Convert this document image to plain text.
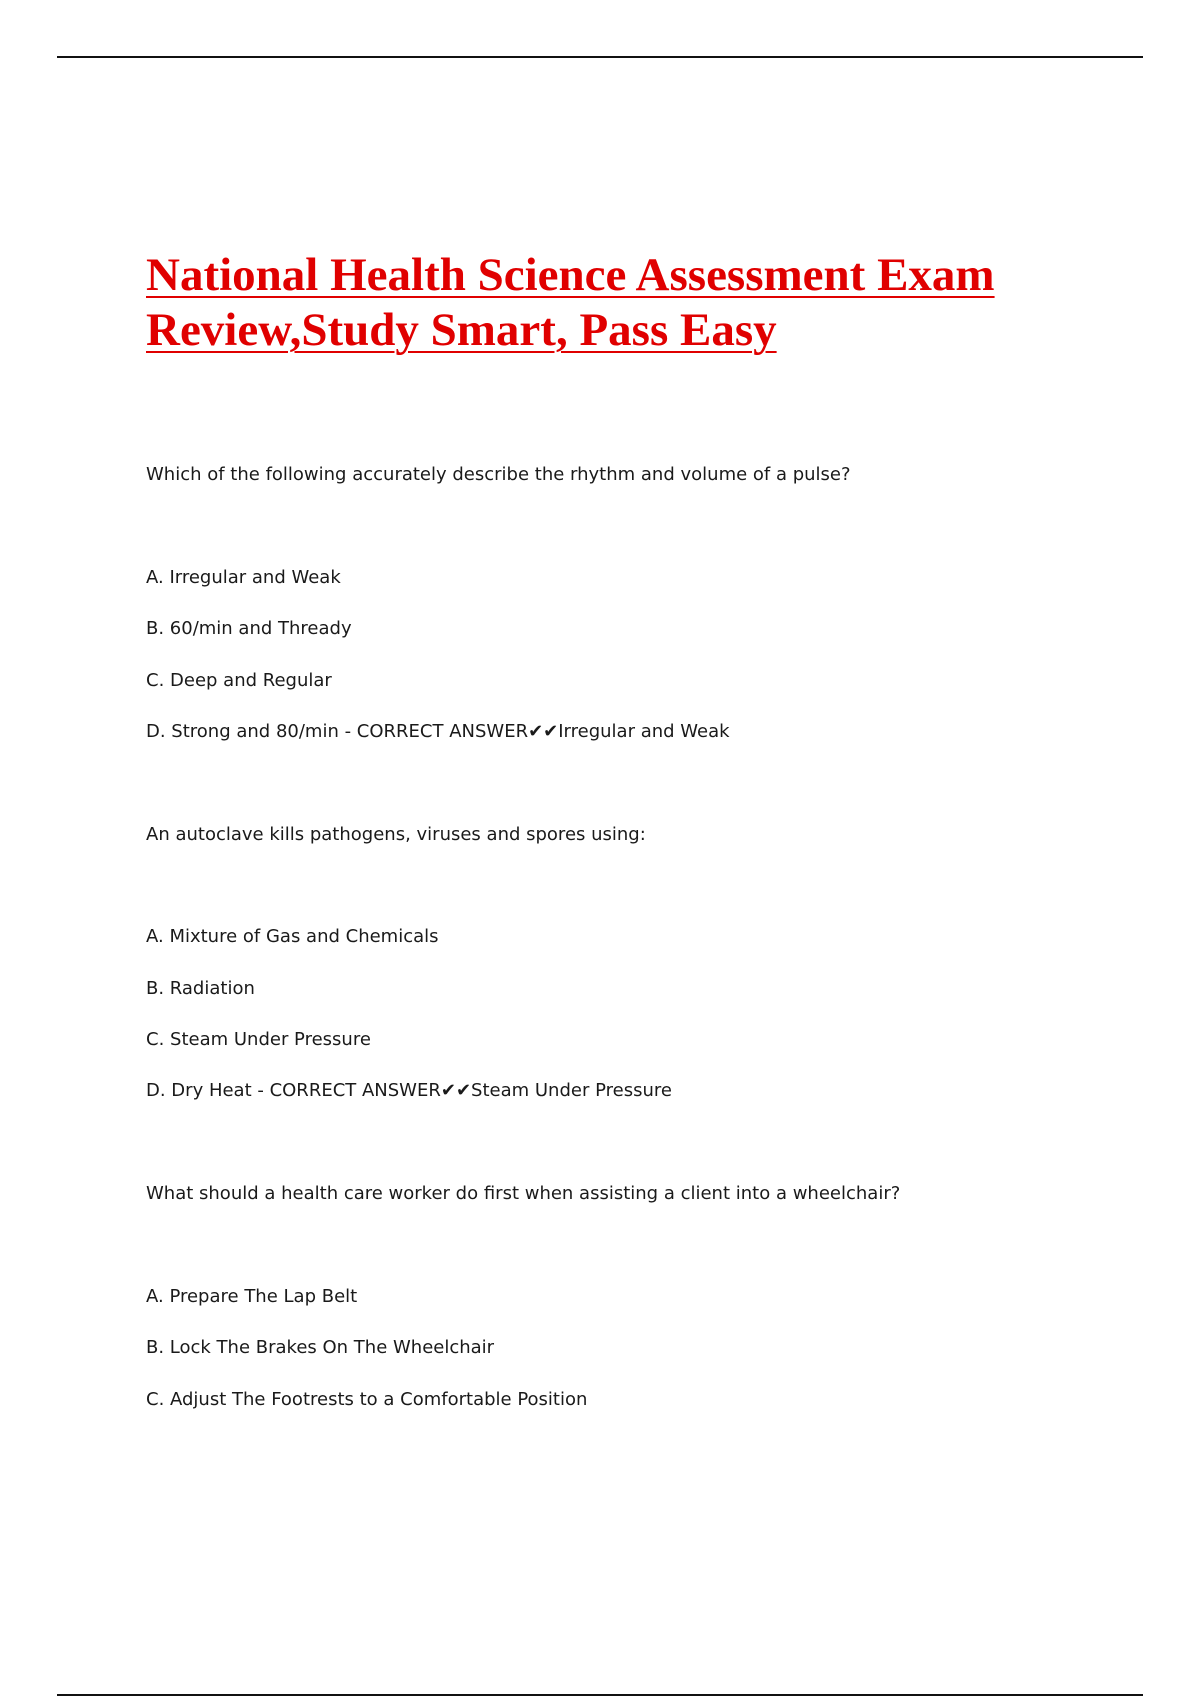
National Health Science Assessment Exam
Review,Study Smart, Pass Easy

Which of the following accurately describe the rhythm and volume of a pulse?

A. Irregular and Weak

B. 60/min and Thready

C. Deep and Regular

D. Strong and 80/min - CORRECT ANSWER✔✔Irregular and Weak

An autoclave kills pathogens, viruses and spores using:

A. Mixture of Gas and Chemicals

B. Radiation

C. Steam Under Pressure

D. Dry Heat - CORRECT ANSWER✔✔Steam Under Pressure

What should a health care worker do first when assisting a client into a wheelchair?

A. Prepare The Lap Belt

B. Lock The Brakes On The Wheelchair

C. Adjust The Footrests to a Comfortable Position
